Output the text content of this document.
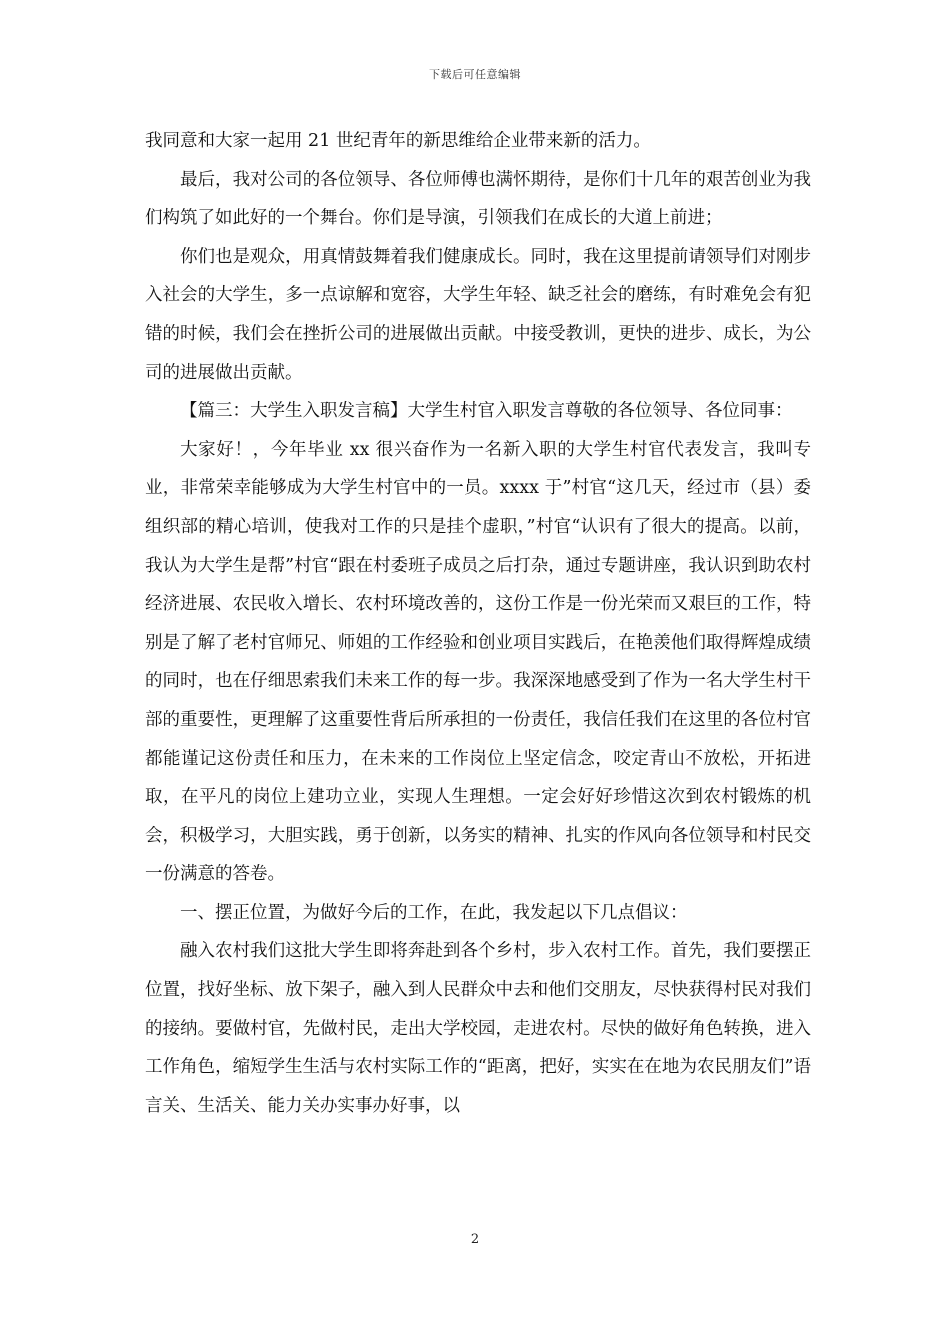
下载后可任意编辑

我同意和大家一起用 21 世纪青年的新思维给企业带来新的活力。

最后，我对公司的各位领导、各位师傅也满怀期待，是你们十几年的艰苦创业为我们构筑了如此好的一个舞台。你们是导演，引领我们在成长的大道上前进；

你们也是观众，用真情鼓舞着我们健康成长。同时，我在这里提前请领导们对刚步入社会的大学生，多一点谅解和宽容，大学生年轻、缺乏社会的磨练，有时难免会有犯错的时候，我们会在挫折公司的进展做出贡献。中接受教训，更快的进步、成长，为公司的进展做出贡献。

【篇三：大学生入职发言稿】大学生村官入职发言尊敬的各位领导、各位同事：

大家好！，今年毕业 xx 很兴奋作为一名新入职的大学生村官代表发言，我叫专业，非常荣幸能够成为大学生村官中的一员。xxxx 于”村官“这几天，经过市（县）委组织部的精心培训，使我对工作的只是挂个虚职，”村官“认识有了很大的提高。以前，我认为大学生是帮”村官“跟在村委班子成员之后打杂，通过专题讲座，我认识到助农村经济进展、农民收入增长、农村环境改善的，这份工作是一份光荣而又艰巨的工作，特别是了解了老村官师兄、师姐的工作经验和创业项目实践后，在艳羡他们取得辉煌成绩的同时，也在仔细思索我们未来工作的每一步。我深深地感受到了作为一名大学生村干部的重要性，更理解了这重要性背后所承担的一份责任，我信任我们在这里的各位村官都能谨记这份责任和压力，在未来的工作岗位上坚定信念，咬定青山不放松，开拓进取，在平凡的岗位上建功立业，实现人生理想。一定会好好珍惜这次到农村锻炼的机会，积极学习，大胆实践，勇于创新，以务实的精神、扎实的作风向各位领导和村民交一份满意的答卷。

一、摆正位置，为做好今后的工作，在此，我发起以下几点倡议：

融入农村我们这批大学生即将奔赴到各个乡村，步入农村工作。首先，我们要摆正位置，找好坐标、放下架子，融入到人民群众中去和他们交朋友，尽快获得村民对我们的接纳。要做村官，先做村民，走出大学校园，走进农村。尽快的做好角色转换，进入工作角色，缩短学生生活与农村实际工作的“距离，把好，实实在在地为农民朋友们”语言关、生活关、能力关办实事办好事，以

2
